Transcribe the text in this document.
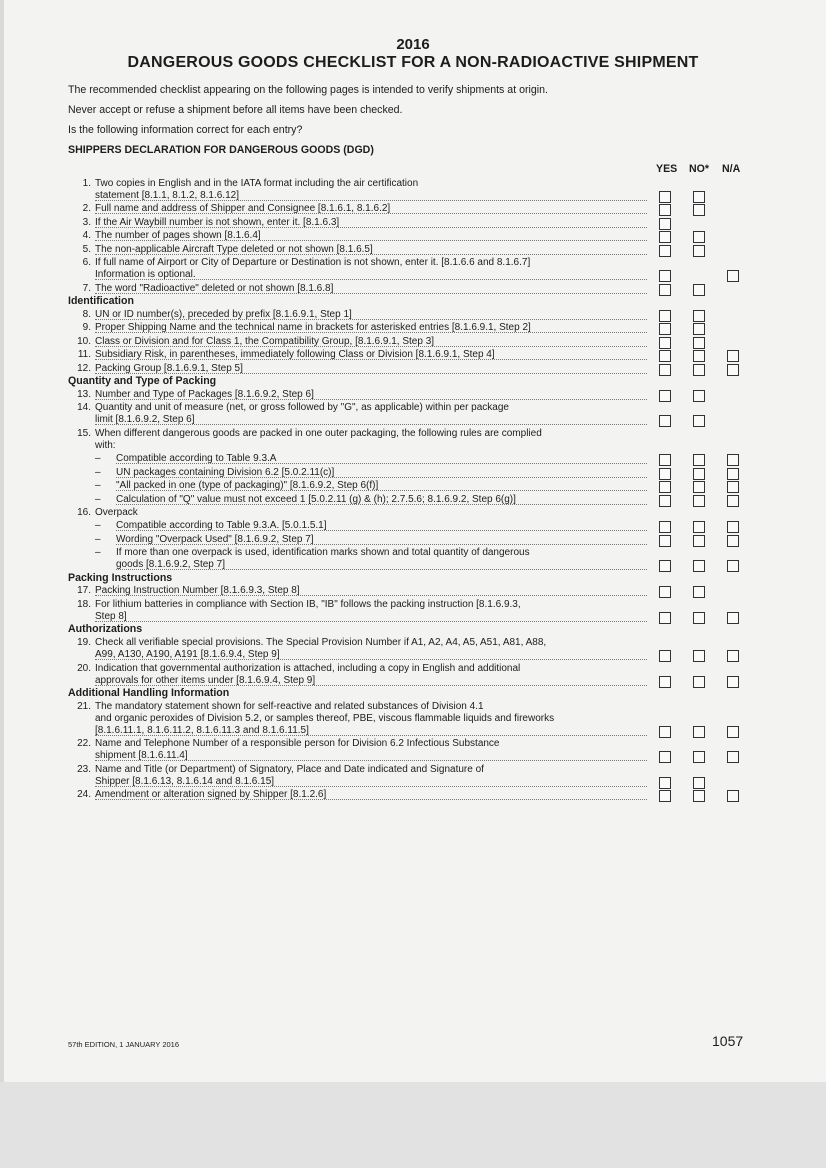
2016
DANGEROUS GOODS CHECKLIST FOR A NON-RADIOACTIVE SHIPMENT
The recommended checklist appearing on the following pages is intended to verify shipments at origin.
Never accept or refuse a shipment before all items have been checked.
Is the following information correct for each entry?
SHIPPERS DECLARATION FOR DANGEROUS GOODS (DGD)
YES NO* N/A
1. Two copies in English and in the IATA format including the air certification
statement [8.1.1, 8.1.2, 8.1.6.12]
2. Full name and address of Shipper and Consignee [8.1.6.1, 8.1.6.2]
3. If the Air Waybill number is not shown, enter it. [8.1.6.3]
4. The number of pages shown [8.1.6.4]
5. The non-applicable Aircraft Type deleted or not shown [8.1.6.5]
6. If full name of Airport or City of Departure or Destination is not shown, enter it. [8.1.6.6 and 8.1.6.7]
Information is optional.
7. The word "Radioactive" deleted or not shown [8.1.6.8]
Identification
8. UN or ID number(s), preceded by prefix [8.1.6.9.1, Step 1]
9. Proper Shipping Name and the technical name in brackets for asterisked entries [8.1.6.9.1, Step 2]
10. Class or Division and for Class 1, the Compatibility Group, [8.1.6.9.1, Step 3]
11. Subsidiary Risk, in parentheses, immediately following Class or Division [8.1.6.9.1, Step 4]
12. Packing Group [8.1.6.9.1, Step 5]
Quantity and Type of Packing
13. Number and Type of Packages [8.1.6.9.2, Step 6]
14. Quantity and unit of measure (net, or gross followed by "G", as applicable) within per package
limit [8.1.6.9.2, Step 6]
15. When different dangerous goods are packed in one outer packaging, the following rules are complied
with:
– Compatible according to Table 9.3.A
– UN packages containing Division 6.2 [5.0.2.11(c)]
– "All packed in one (type of packaging)" [8.1.6.9.2, Step 6(f)]
– Calculation of "Q" value must not exceed 1 [5.0.2.11 (g) & (h); 2.7.5.6; 8.1.6.9.2, Step 6(g)]
16. Overpack
– Compatible according to Table 9.3.A. [5.0.1.5.1]
– Wording "Overpack Used" [8.1.6.9.2, Step 7]
– If more than one overpack is used, identification marks shown and total quantity of dangerous
goods [8.1.6.9.2, Step 7]
Packing Instructions
17. Packing Instruction Number [8.1.6.9.3, Step 8]
18. For lithium batteries in compliance with Section IB, "IB" follows the packing instruction [8.1.6.9.3,
Step 8]
Authorizations
19. Check all verifiable special provisions. The Special Provision Number if A1, A2, A4, A5, A51, A81, A88,
A99, A130, A190, A191 [8.1.6.9.4, Step 9]
20. Indication that governmental authorization is attached, including a copy in English and additional
approvals for other items under [8.1.6.9.4, Step 9]
Additional Handling Information
21. The mandatory statement shown for self-reactive and related substances of Division 4.1
and organic peroxides of Division 5.2, or samples thereof, PBE, viscous flammable liquids and fireworks
[8.1.6.11.1, 8.1.6.11.2, 8.1.6.11.3 and 8.1.6.11.5]
22. Name and Telephone Number of a responsible person for Division 6.2 Infectious Substance
shipment [8.1.6.11.4]
23. Name and Title (or Department) of Signatory, Place and Date indicated and Signature of
Shipper [8.1.6.13, 8.1.6.14 and 8.1.6.15]
24. Amendment or alteration signed by Shipper [8.1.2.6]
57th EDITION, 1 JANUARY 2016	1057
